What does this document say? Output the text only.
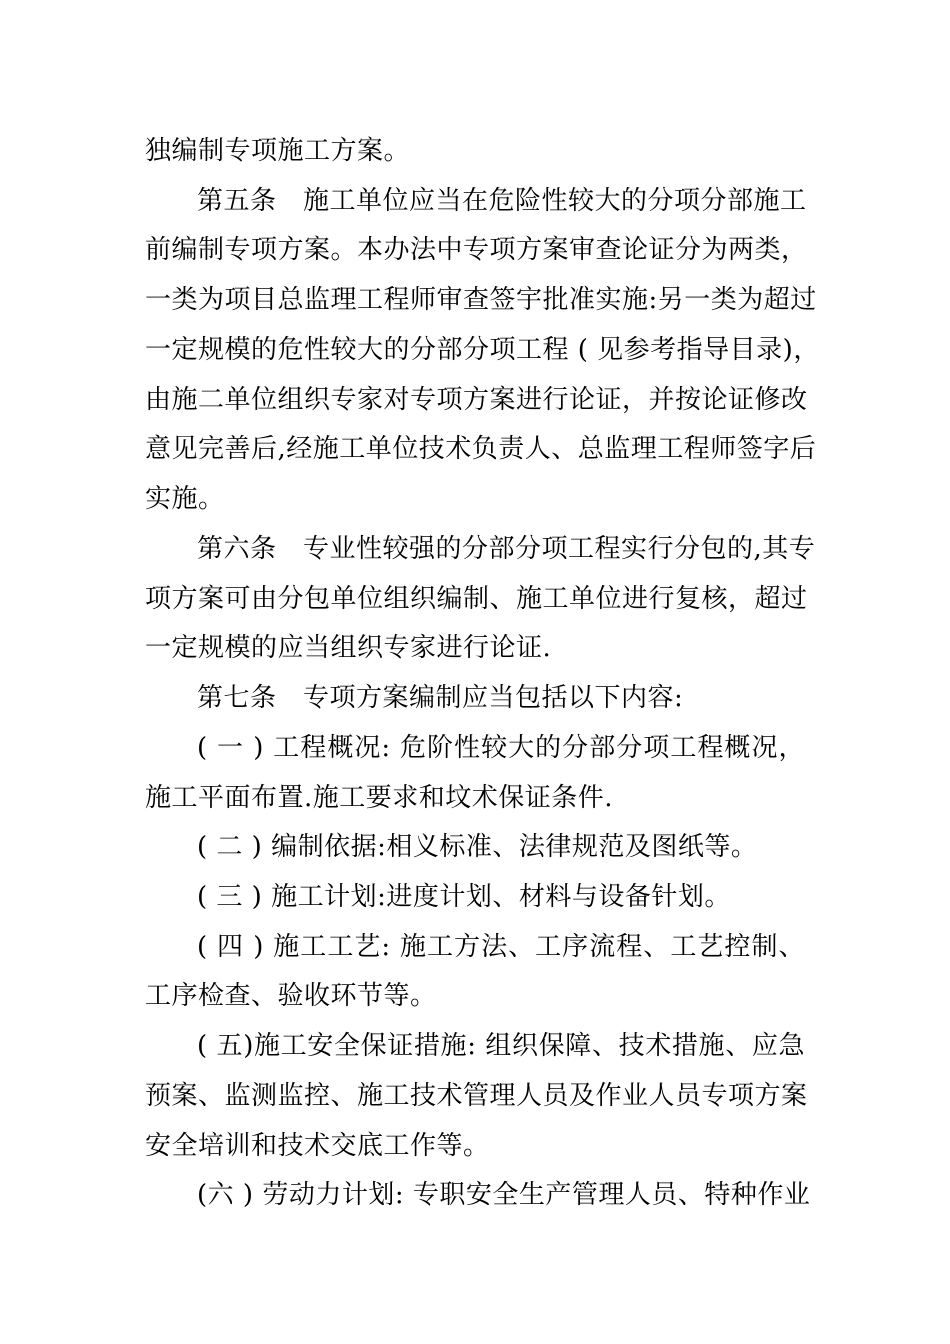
独编制专项施工方案。
第五条　施工单位应当在危险性较大的分项分部施工
前编制专项方案。本办法中专项方案审查论证分为两类，
一类为项目总监理工程师审查签宇批准实施:另一类为超过
一定规模的危性较大的分部分项工程 ( 见参考指导目录)，
由施二单位组织专家对专项方案进行论证，并按论证修改
意见完善后,经施工单位技术负责人、总监理工程师签字后
实施。
第六条　专业性较强的分部分项工程实行分包的,其专
项方案可由分包单位组织编制、施工单位进行复核，超过
一定规模的应当组织专家进行论证.
第七条　专项方案编制应当包括以下内容:
( 一 ) 工程概况: 危阶性较大的分部分项工程概况，
施工平面布置.施工要求和坟术保证条件.
( 二 ) 编制依据:相义标准、法律规范及图纸等。
( 三 ) 施工计划:进度计划、材料与设备针划。
( 四 ) 施工工艺: 施工方法、工序流程、工艺控制、
工序检查、验收环节等。
( 五)施工安全保证措施: 组织保障、技术措施、应急
预案、监测监控、施工技术管理人员及作业人员专项方案
安全培训和技术交底工作等。
(六 ) 劳动力计划: 专职安全生产管理人员、特种作业
